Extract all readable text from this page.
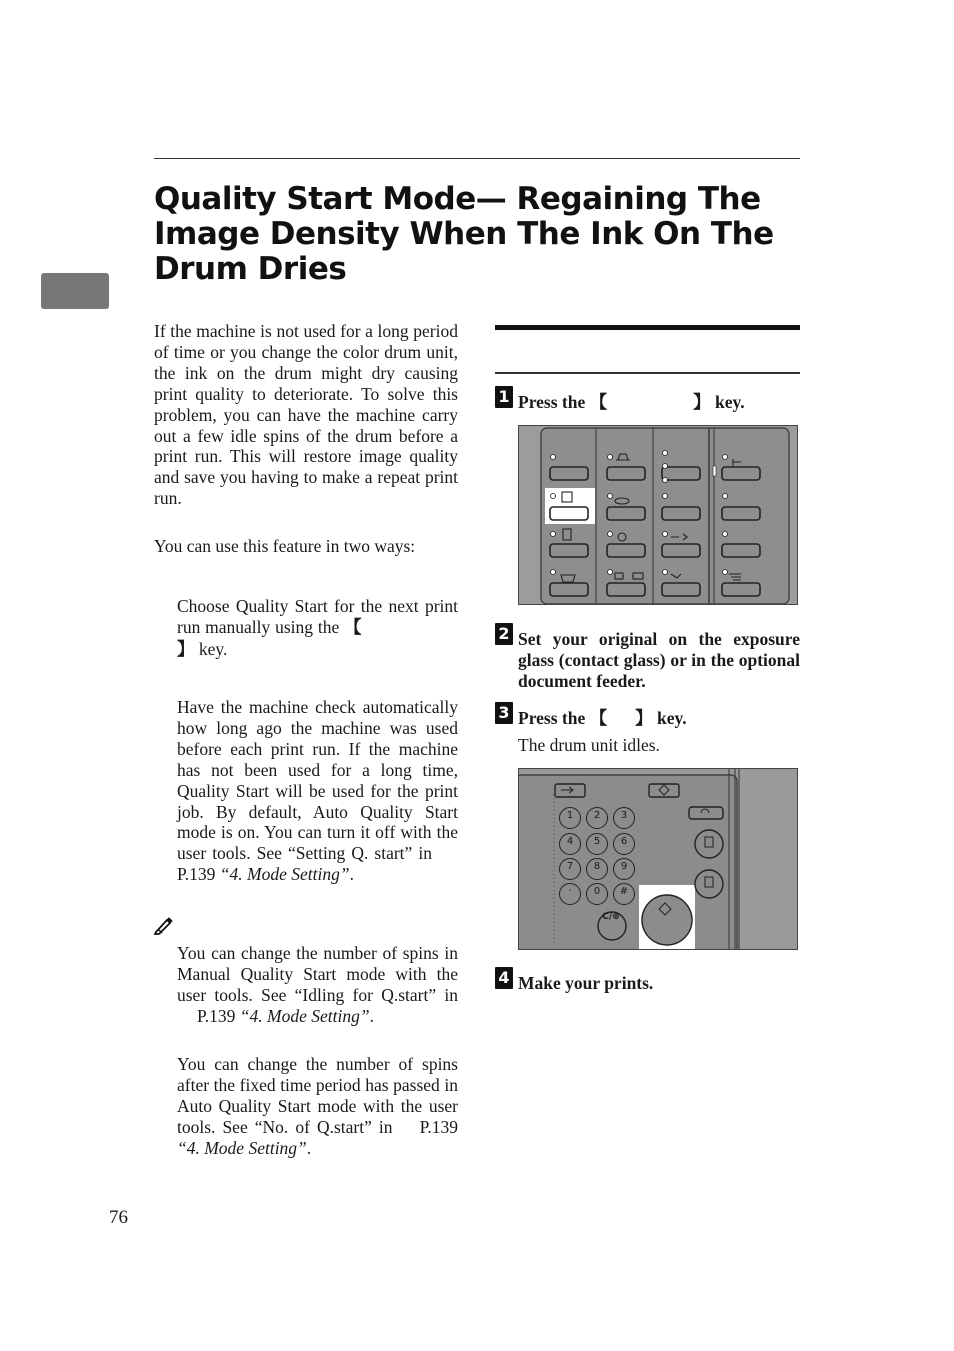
Quality Start Mode— Regaining The Image Density When The Ink On The Drum Dries

If the machine is not used for a long period of time or you change the color drum unit, the ink on the drum might dry causing print quality to deteriorate. To solve this problem, you can have the machine carry out a few idle spins of the drum before a print run. This will restore image quality and save you having to make a repeat print run.

You can use this feature in two ways:

Choose Quality Start for the next print run manually using the 【】 key.

Have the machine check automatically how long ago the machine was used before each print run. If the machine has not been used for a long time, Quality Start will be used for the print job. By default, Auto Quality Start mode is on. You can turn it off with the user tools. See “Setting Q. start” in P.139 “4. Mode Setting”.

You can change the number of spins in Manual Quality Start mode with the user tools. See “Idling for Q.start” in P.139 “4. Mode Setting”.

You can change the number of spins after the fixed time period has passed in Auto Quality Start mode with the user tools. See “No. of Q.start” in P.139 “4. Mode Setting”.

76
1 Press the 【	】 key.

2 Set your original on the exposure glass (contact glass) or in the optional document feeder.

3 Press the 【 】 key.

The drum unit idles.

1	2	3
4	5	6
7	8	9
·	0	#
C/⊗
4 Make your prints.
